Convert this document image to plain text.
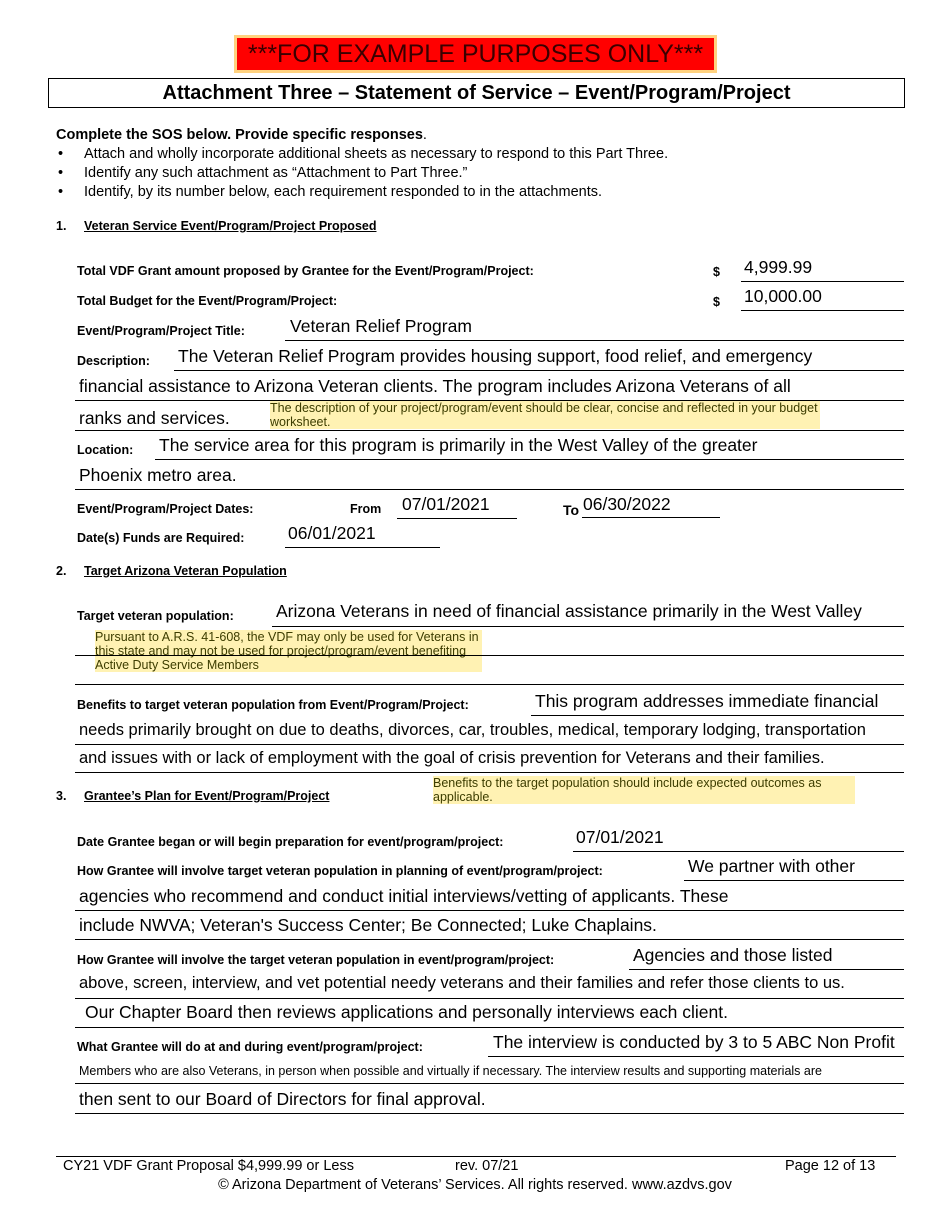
***FOR EXAMPLE PURPOSES ONLY***
Attachment Three – Statement of Service – Event/Program/Project
Complete the SOS below. Provide specific responses.
• Attach and wholly incorporate additional sheets as necessary to respond to this Part Three.
• Identify any such attachment as “Attachment to Part Three.”
• Identify, by its number below, each requirement responded to in the attachments.
1. Veteran Service Event/Program/Project Proposed
Total VDF Grant amount proposed by Grantee for the Event/Program/Project:	$ 4,999.99
Total Budget for the Event/Program/Project:	$ 10,000.00
Event/Program/Project Title:	Veteran Relief Program
Description: The Veteran Relief Program provides housing support, food relief, and emergency
financial assistance to Arizona Veteran clients. The program includes Arizona Veterans of all
ranks and services.	The description of your project/program/event should be clear, concise and reflected in your budget worksheet.
Location: The service area for this program is primarily in the West Valley of the greater
Phoenix metro area.
Event/Program/Project Dates:	From 07/01/2021	To 06/30/2022
Date(s) Funds are Required: 06/01/2021
2. Target Arizona Veteran Population
Target veteran population: Arizona Veterans in need of financial assistance primarily in the West Valley
Pursuant to A.R.S. 41-608, the VDF may only be used for Veterans in this state and may not be used for project/program/event benefiting Active Duty Service Members
Benefits to target veteran population from Event/Program/Project:	This program addresses immediate financial
needs primarily brought on due to deaths, divorces, car, troubles, medical, temporary lodging, transportation
and issues with or lack of employment with the goal of crisis prevention for Veterans and their families.
3. Grantee’s Plan for Event/Program/Project
Benefits to the target population should include expected outcomes as applicable.
Date Grantee began or will begin preparation for event/program/project:	07/01/2021
How Grantee will involve target veteran population in planning of event/program/project:	We partner with other
agencies who recommend and conduct initial interviews/vetting of applicants. These
include NWVA; Veteran's Success Center; Be Connected; Luke Chaplains.
How Grantee will involve the target veteran population in event/program/project:	Agencies and those listed
above, screen, interview, and vet potential needy veterans and their families and refer those clients to us.
Our Chapter Board then reviews applications and personally interviews each client.
What Grantee will do at and during event/program/project:	The interview is conducted by 3 to 5 ABC Non Profit
Members who are also Veterans, in person when possible and virtually if necessary. The interview results and supporting materials are
then sent to our Board of Directors for final approval.
CY21 VDF Grant Proposal $4,999.99 or Less	rev. 07/21	Page 12 of 13
© Arizona Department of Veterans’ Services. All rights reserved. www.azdvs.gov
